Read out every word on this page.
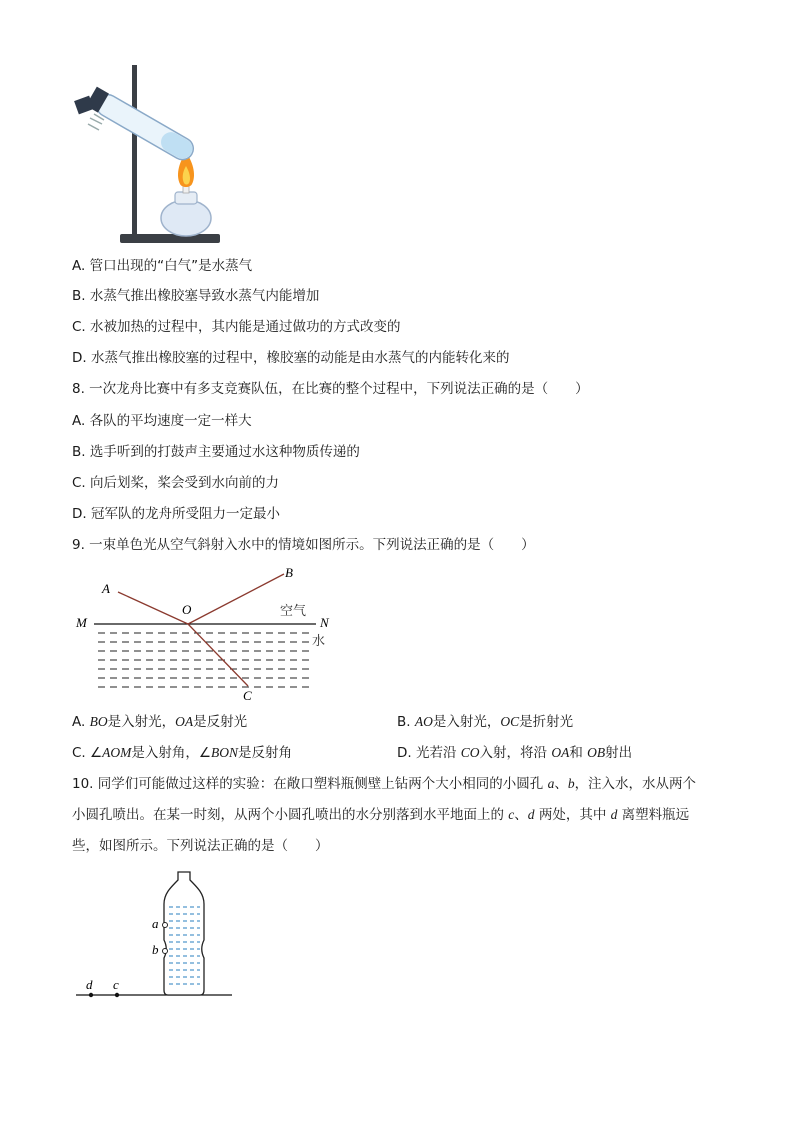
A. 管口出现的“白气”是水蒸气
B. 水蒸气推出橡胶塞导致水蒸气内能增加
C. 水被加热的过程中，其内能是通过做功的方式改变的
D. 水蒸气推出橡胶塞的过程中，橡胶塞的动能是由水蒸气的内能转化来的
8. 一次龙舟比赛中有多支竞赛队伍，在比赛的整个过程中，下列说法正确的是（　　）
A. 各队的平均速度一定一样大
B. 选手听到的打鼓声主要通过水这种物质传递的
C. 向后划桨，桨会受到水向前的力
D. 冠军队的龙舟所受阻力一定最小
9. 一束单色光从空气斜射入水中的情境如图所示。下列说法正确的是（　　）
A
B
O
M	N
C
空气
水
A. BO是入射光，OA是反射光	B. AO是入射光，OC是折射光
C. ∠AOM是入射角，∠BON是反射角	D. 光若沿 CO入射，将沿 OA和 OB射出
10. 同学们可能做过这样的实验：在敞口塑料瓶侧壁上钻两个大小相同的小圆孔 a、b，注入水，水从两个
小圆孔喷出。在某一时刻，从两个小圆孔喷出的水分别落到水平地面上的 c、d 两处，其中 d 离塑料瓶远
些，如图所示。下列说法正确的是（　　）
a
b
d c
